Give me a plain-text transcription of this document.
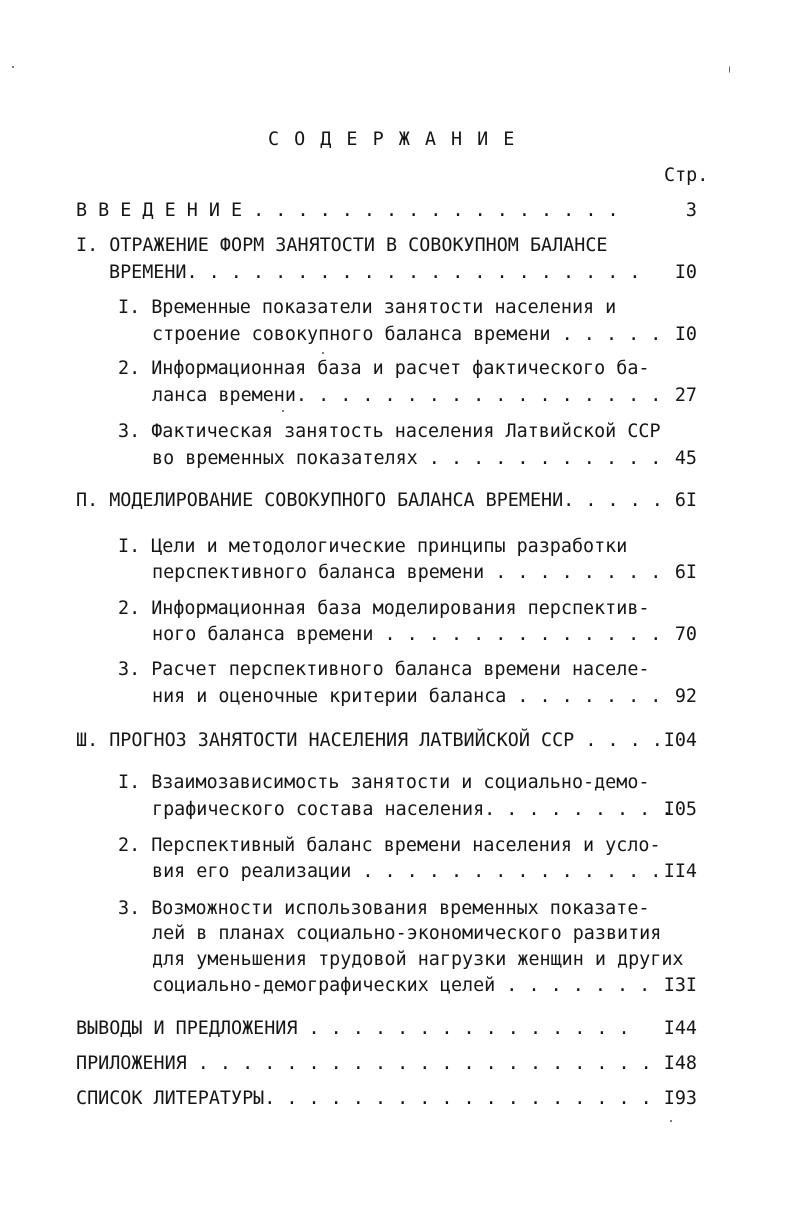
С О Д Е Р Ж А Н И Е
Стр.
В В Е Д Е Н И Е . . . . . . . . . . . . . . . . .	3
I. ОТРАЖЕНИЕ ФОРМ ЗАНЯТОСТИ В СОВОКУПНОМ БАЛАНСЕ
ВРЕМЕНИ. . . . . . . . . . . . . . . . . . . . . I0
I. Временные показатели занятости населения и
строение совокупного баланса времени . . . . . I0
2. Информационная база и расчет фактического ба-
ланса времени. . . . . . . . . . . . . . . . . 27
3. Фактическая занятость населения Латвийской ССР
во временных показателях . . . . . . . . . . . 45
П. МОДЕЛИРОВАНИЕ СОВОКУПНОГО БАЛАНСА ВРЕМЕНИ. . . . . 6I
I. Цели и методологические принципы разработки
перспективного баланса времени . . . . . . . . 6I
2. Информационная база моделирования перспектив-
ного баланса времени . . . . . . . . . . . . . 70
3. Расчет перспективного баланса времени населе-
ния и оценочные критерии баланса . . . . . . . 92
Ш. ПРОГНОЗ ЗАНЯТОСТИ НАСЕЛЕНИЯ ЛАТВИЙСКОЙ ССР . . . . I04
I. Взаимозависимость занятости и социально-демо-
графического состава населения. . . . . . . . .
I05
2. Перспективный баланс времени населения и усло-
вия его реализации . . . . . . . . . . . . . . II4
3. Возможности использования временных показате-
лей в планах социально-экономического развития
для уменьшения трудовой нагрузки женщин и других
социально-демографических целей . . . . . . . I3I
ВЫВОДЫ И ПРЕДЛОЖЕНИЯ . . . . . . . . . . . . . . . I44
ПРИЛОЖЕНИЯ . . . . . . . . . . . . . . . . . . . . . I48
СПИСОК ЛИТЕРАТУРЫ. . . . . . . . . . . . . . . . . . I93
